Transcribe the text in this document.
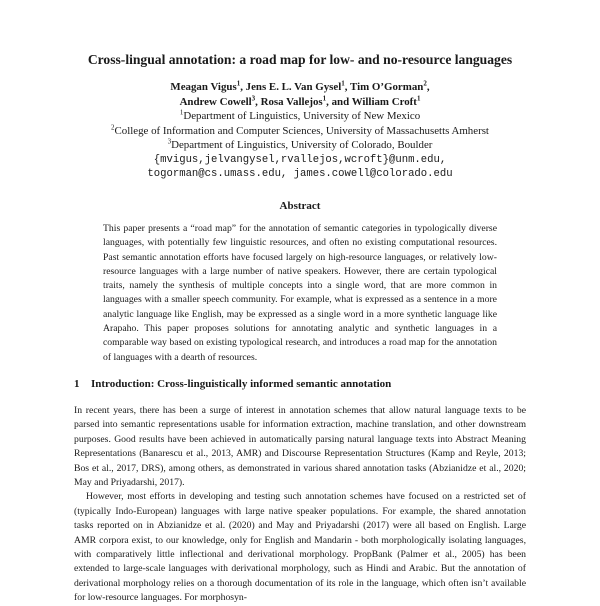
Cross-lingual annotation: a road map for low- and no-resource languages
Meagan Vigus$^1$, Jens E. L. Van Gysel$^1$, Tim O’Gorman$^2$,
Andrew Cowell$^3$, Rosa Vallejos$^1$, and William Croft$^1$
$^1$Department of Linguistics, University of New Mexico
$^2$College of Information and Computer Sciences, University of Massachusetts Amherst
$^3$Department of Linguistics, University of Colorado, Boulder
{mvigus,jelvangysel,rvallejos,wcroft}@unm.edu,
togorman@cs.umass.edu, james.cowell@colorado.edu
Abstract
This paper presents a “road map” for the annotation of semantic categories in typologically diverse languages, with potentially few linguistic resources, and often no existing computational resources. Past semantic annotation efforts have focused largely on high-resource languages, or relatively low-resource languages with a large number of native speakers. However, there are certain typological traits, namely the synthesis of multiple concepts into a single word, that are more common in languages with a smaller speech community. For example, what is expressed as a sentence in a more analytic language like English, may be expressed as a single word in a more synthetic language like Arapaho. This paper proposes solutions for annotating analytic and synthetic languages in a comparable way based on existing typological research, and introduces a road map for the annotation of languages with a dearth of resources.
1 Introduction: Cross-linguistically informed semantic annotation

In recent years, there has been a surge of interest in annotation schemes that allow natural language texts to be parsed into semantic representations usable for information extraction, machine translation, and other downstream purposes. Good results have been achieved in automatically parsing natural language texts into Abstract Meaning Representations (Banarescu et al., 2013, AMR) and Discourse Representation Structures (Kamp and Reyle, 2013; Bos et al., 2017, DRS), among others, as demonstrated in various shared annotation tasks (Abzianidze et al., 2020; May and Priyadarshi, 2017).

However, most efforts in developing and testing such annotation schemes have focused on a restricted set of (typically Indo-European) languages with large native speaker populations. For example, the shared annotation tasks reported on in Abzianidze et al. (2020) and May and Priyadarshi (2017) were all based on English. Large AMR corpora exist, to our knowledge, only for English and Mandarin - both morphologically isolating languages, with comparatively little inflectional and derivational morphology. PropBank (Palmer et al., 2005) has been extended to large-scale languages with derivational morphology, such as Hindi and Arabic. But the annotation of derivational morphology relies on a thorough documentation of its role in the language, which often isn’t available for low-resource languages. For morphosyn-
